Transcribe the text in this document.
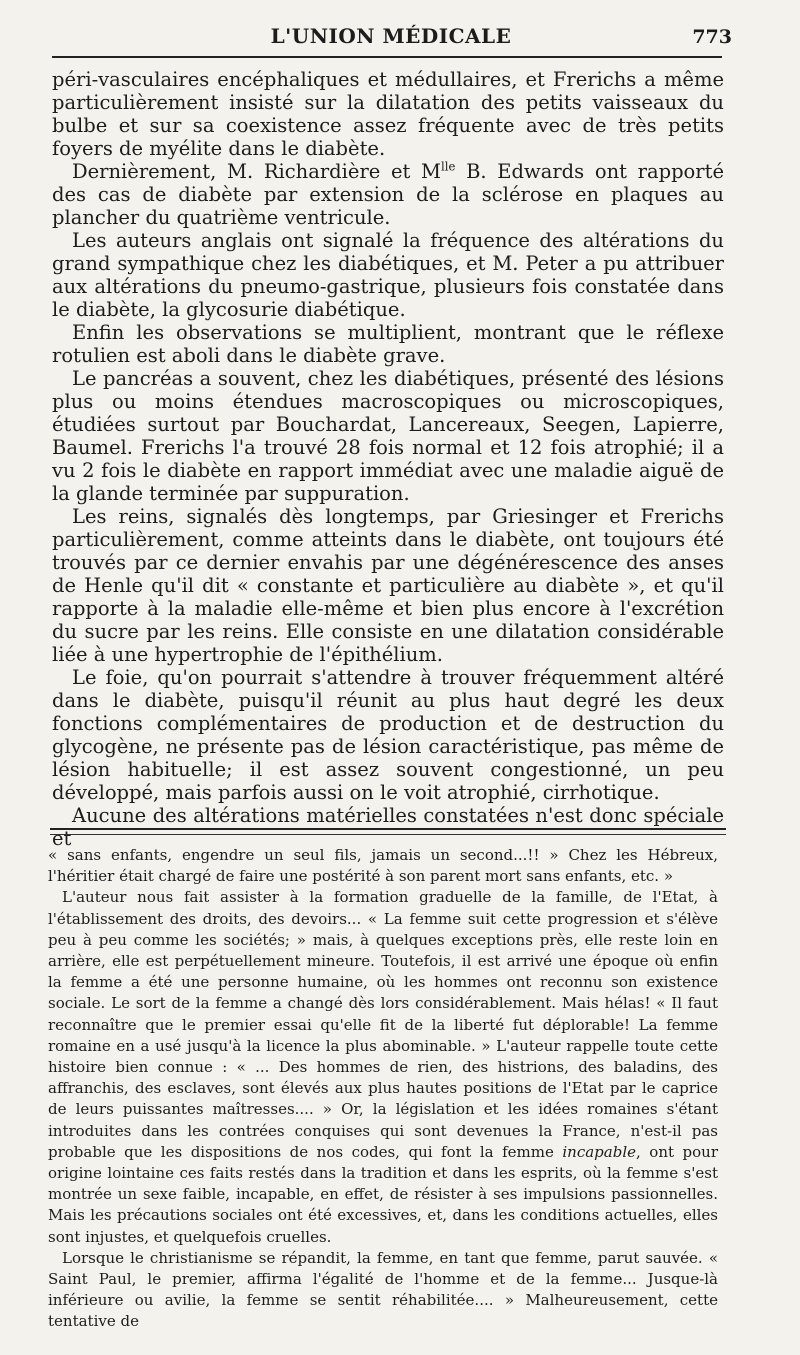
L'UNION MÉDICALE	773

péri-vasculaires encéphaliques et médullaires, et Frerichs a même particulièrement insisté sur la dilatation des petits vaisseaux du bulbe et sur sa coexistence assez fréquente avec de très petits foyers de myélite dans le diabète.

Dernièrement, M. Richardière et $M^{lle}$ B. Edwards ont rapporté des cas de diabète par extension de la sclérose en plaques au plancher du quatrième ventricule.

Les auteurs anglais ont signalé la fréquence des altérations du grand sympathique chez les diabétiques, et M. Peter a pu attribuer aux altérations du pneumo-gastrique, plusieurs fois constatée dans le diabète, la glycosurie diabétique.

Enfin les observations se multiplient, montrant que le réflexe rotulien est aboli dans le diabète grave.

Le pancréas a souvent, chez les diabétiques, présenté des lésions plus ou moins étendues macroscopiques ou microscopiques, étudiées surtout par Bouchardat, Lancereaux, Seegen, Lapierre, Baumel. Frerichs l'a trouvé 28 fois normal et 12 fois atrophié; il a vu 2 fois le diabète en rapport immédiat avec une maladie aiguë de la glande terminée par suppuration.

Les reins, signalés dès longtemps, par Griesinger et Frerichs particulièrement, comme atteints dans le diabète, ont toujours été trouvés par ce dernier envahis par une dégénérescence des anses de Henle qu'il dit « constante et particulière au diabète », et qu'il rapporte à la maladie elle-même et bien plus encore à l'excrétion du sucre par les reins. Elle consiste en une dilatation considérable liée à une hypertrophie de l'épithélium.

Le foie, qu'on pourrait s'attendre à trouver fréquemment altéré dans le diabète, puisqu'il réunit au plus haut degré les deux fonctions complémentaires de production et de destruction du glycogène, ne présente pas de lésion caractéristique, pas même de lésion habituelle; il est assez souvent congestionné, un peu développé, mais parfois aussi on le voit atrophié, cirrhotique.

Aucune des altérations matérielles constatées n'est donc spéciale et

« sans enfants, engendre un seul fils, jamais un second...!! » Chez les Hébreux, l'héritier était chargé de faire une postérité à son parent mort sans enfants, etc. »

L'auteur nous fait assister à la formation graduelle de la famille, de l'Etat, à l'établissement des droits, des devoirs... « La femme suit cette progression et s'élève peu à peu comme les sociétés; » mais, à quelques exceptions près, elle reste loin en arrière, elle est perpétuellement mineure. Toutefois, il est arrivé une époque où enfin la femme a été une personne humaine, où les hommes ont reconnu son existence sociale. Le sort de la femme a changé dès lors considérablement. Mais hélas! « Il faut reconnaître que le premier essai qu'elle fit de la liberté fut déplorable! La femme romaine en a usé jusqu'à la licence la plus abominable. » L'auteur rappelle toute cette histoire bien connue : « ... Des hommes de rien, des histrions, des baladins, des affranchis, des esclaves, sont élevés aux plus hautes positions de l'Etat par le caprice de leurs puissantes maîtresses.... » Or, la législation et les idées romaines s'étant introduites dans les contrées conquises qui sont devenues la France, n'est-il pas probable que les dispositions de nos codes, qui font la femme incapable, ont pour origine lointaine ces faits restés dans la tradition et dans les esprits, où la femme s'est montrée un sexe faible, incapable, en effet, de résister à ses impulsions passionnelles. Mais les précautions sociales ont été excessives, et, dans les conditions actuelles, elles sont injustes, et quelquefois cruelles.

Lorsque le christianisme se répandit, la femme, en tant que femme, parut sauvée. « Saint Paul, le premier, affirma l'égalité de l'homme et de la femme... Jusque-là inférieure ou avilie, la femme se sentit réhabilitée.... » Malheureusement, cette tentative de
